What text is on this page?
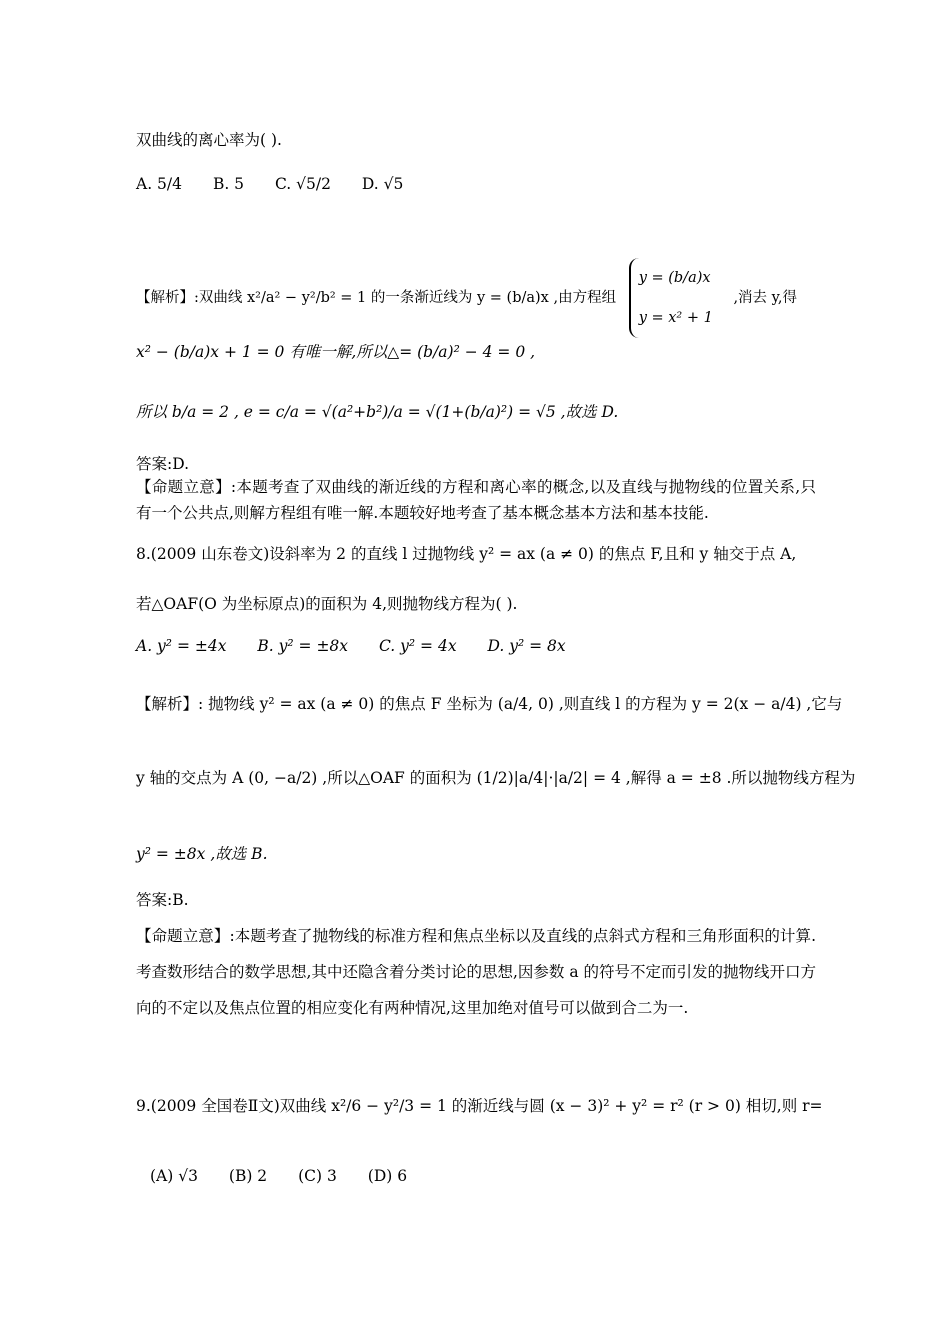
双曲线的离心率为( ).
A. 5/4 B. 5 C. √5/2 D. √5
【解析】:双曲线 x²/a² − y²/b² = 1 的一条渐近线为 y = (b/a)x ,由方程组
y = (b/a)x
y = x² + 1
,消去 y,得
x² − (b/a)x + 1 = 0 有唯一解,所以△= (b/a)² − 4 = 0 ,
所以 b/a = 2 , e = c/a = √(a²+b²)/a = √(1+(b/a)²) = √5 ,故选 D.
答案:D.
【命题立意】:本题考查了双曲线的渐近线的方程和离心率的概念,以及直线与抛物线的位置关系,只有一个公共点,则解方程组有唯一解.本题较好地考查了基本概念基本方法和基本技能.
8.(2009 山东卷文)设斜率为 2 的直线 l 过抛物线 y² = ax (a ≠ 0) 的焦点 F,且和 y 轴交于点 A,
若△OAF(O 为坐标原点)的面积为 4,则抛物线方程为( ).
A. y² = ±4x B. y² = ±8x C. y² = 4x D. y² = 8x
【解析】: 抛物线 y² = ax (a ≠ 0) 的焦点 F 坐标为 (a/4, 0) ,则直线 l 的方程为 y = 2(x − a/4) ,它与
y 轴的交点为 A (0, −a/2) ,所以△OAF 的面积为 (1/2)|a/4|·|a/2| = 4 ,解得 a = ±8 .所以抛物线方程为
y² = ±8x ,故选 B.
答案:B.
【命题立意】:本题考查了抛物线的标准方程和焦点坐标以及直线的点斜式方程和三角形面积的计算.考查数形结合的数学思想,其中还隐含着分类讨论的思想,因参数 a 的符号不定而引发的抛物线开口方向的不定以及焦点位置的相应变化有两种情况,这里加绝对值号可以做到合二为一.
9.(2009 全国卷Ⅱ文)双曲线 x²/6 − y²/3 = 1 的渐近线与圆 (x − 3)² + y² = r² (r > 0) 相切,则 r=
(A) √3 (B) 2 (C) 3 (D) 6
